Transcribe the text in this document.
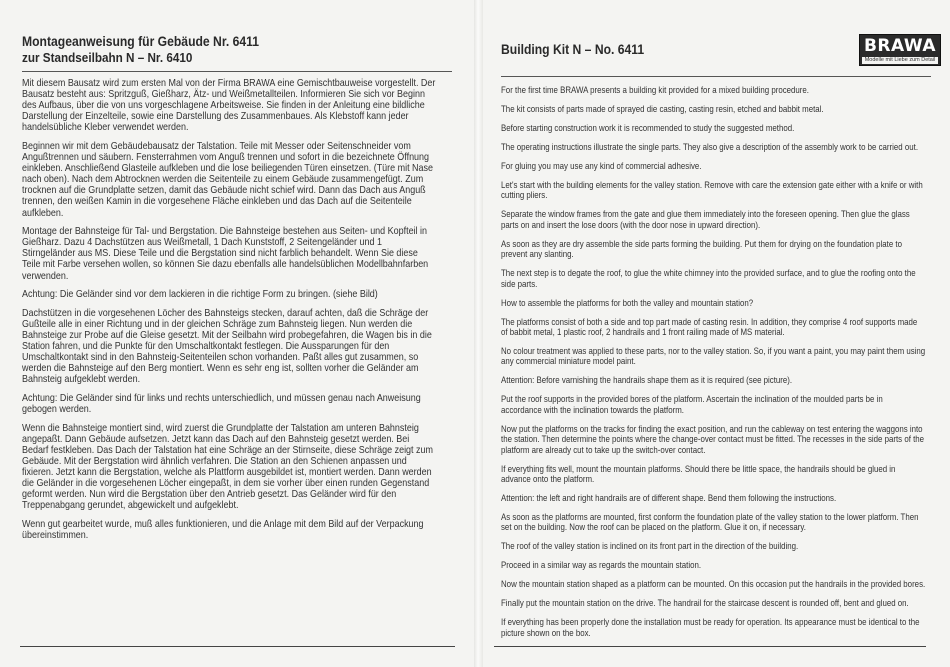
Montageanweisung für Gebäude Nr. 6411
zur Standseilbahn N – Nr. 6410

Mit diesem Bausatz wird zum ersten Mal von der Firma BRAWA eine Gemischtbauweise vorgestellt. Der Bausatz besteht aus: Spritzguß, Gießharz, Ätz- und Weißmetallteilen. Informieren Sie sich vor Beginn des Aufbaus, über die von uns vorgeschlagene Arbeitsweise. Sie finden in der Anleitung eine bildliche Darstellung der Einzelteile, sowie eine Darstellung des Zusammenbaues. Als Klebstoff kann jeder handelsübliche Kleber verwendet werden.

Beginnen wir mit dem Gebäudebausatz der Talstation. Teile mit Messer oder Seitenschneider vom Angußtrennen und säubern. Fensterrahmen vom Anguß trennen und sofort in die bezeichnete Öffnung einkleben. Anschließend Glasteile aufkleben und die lose beiliegenden Türen einsetzen. (Türe mit Nase nach oben). Nach dem Abtrocknen werden die Seitenteile zu einem Gebäude zusammengefügt. Zum trocknen auf die Grundplatte setzen, damit das Gebäude nicht schief wird. Dann das Dach aus Anguß trennen, den weißen Kamin in die vorgesehene Fläche einkleben und das Dach auf die Seitenteile aufkleben.

Montage der Bahnsteige für Tal- und Bergstation. Die Bahnsteige bestehen aus Seiten- und Kopfteil in Gießharz. Dazu 4 Dachstützen aus Weißmetall, 1 Dach Kunststoff, 2 Seitengeländer und 1 Stirngeländer aus MS. Diese Teile und die Bergstation sind nicht farblich behandelt. Wenn Sie diese Teile mit Farbe versehen wollen, so können Sie dazu ebenfalls alle handelsüblichen Modellbahnfarben verwenden.

Achtung: Die Geländer sind vor dem lackieren in die richtige Form zu bringen. (siehe Bild)

Dachstützen in die vorgesehenen Löcher des Bahnsteigs stecken, darauf achten, daß die Schräge der Gußteile alle in einer Richtung und in der gleichen Schräge zum Bahnsteig liegen. Nun werden die Bahnsteige zur Probe auf die Gleise gesetzt. Mit der Seilbahn wird probegefahren, die Wagen bis in die Station fahren, und die Punkte für den Umschaltkontakt festlegen. Die Aussparungen für den Umschaltkontakt sind in den Bahnsteig-Seitenteilen schon vorhanden. Paßt alles gut zusammen, so werden die Bahnsteige auf den Berg montiert. Wenn es sehr eng ist, sollten vorher die Geländer am Bahnsteig aufgeklebt werden.

Achtung: Die Geländer sind für links und rechts unterschiedlich, und müssen genau nach Anweisung gebogen werden.

Wenn die Bahnsteige montiert sind, wird zuerst die Grundplatte der Talstation am unteren Bahnsteig angepaßt. Dann Gebäude aufsetzen. Jetzt kann das Dach auf den Bahnsteig gesetzt werden. Bei Bedarf festkleben. Das Dach der Talstation hat eine Schräge an der Stirnseite, diese Schräge zeigt zum Gebäude. Mit der Bergstation wird ähnlich verfahren. Die Station an den Schienen anpassen und fixieren. Jetzt kann die Bergstation, welche als Plattform ausgebildet ist, montiert werden. Dann werden die Geländer in die vorgesehenen Löcher eingepaßt, in dem sie vorher über einen runden Gegenstand geformt werden. Nun wird die Bergstation über den Antrieb gesetzt. Das Geländer wird für den Treppenabgang gerundet, abgewickelt und aufgeklebt.

Wenn gut gearbeitet wurde, muß alles funktionieren, und die Anlage mit dem Bild auf der Verpackung übereinstimmen.

Building Kit N – No. 6411	BRAWA
Modelle mit Liebe zum Detail

For the first time BRAWA presents a building kit provided for a mixed building procedure.

The kit consists of parts made of sprayed die casting, casting resin, etched and babbit metal.

Before starting construction work it is recommended to study the suggested method.

The operating instructions illustrate the single parts. They also give a description of the assembly work to be carried out.

For gluing you may use any kind of commercial adhesive.

Let's start with the building elements for the valley station. Remove with care the extension gate either with a knife or with cutting pliers.

Separate the window frames from the gate and glue them immediately into the foreseen opening. Then glue the glass parts on and insert the lose doors (with the door nose in upward direction).

As soon as they are dry assemble the side parts forming the building. Put them for drying on the foundation plate to prevent any slanting.

The next step is to degate the roof, to glue the white chimney into the provided surface, and to glue the roofing onto the side parts.

How to assemble the platforms for both the valley and mountain station?

The platforms consist of both a side and top part made of casting resin. In addition, they comprise 4 roof supports made of babbit metal, 1 plastic roof, 2 handrails and 1 front railing made of MS material.

No colour treatment was applied to these parts, nor to the valley station. So, if you want a paint, you may paint them using any commercial miniature model paint.

Attention: Before varnishing the handrails shape them as it is required (see picture).

Put the roof supports in the provided bores of the platform. Ascertain the inclination of the moulded parts be in accordance with the inclination towards the platform.

Now put the platforms on the tracks for finding the exact position, and run the cableway on test entering the waggons into the station. Then determine the points where the change-over contact must be fitted. The recesses in the side parts of the platform are already cut to take up the switch-over contact.

If everything fits well, mount the mountain platforms. Should there be little space, the handrails should be glued in advance onto the platform.

Attention: the left and right handrails are of different shape. Bend them following the instructions.

As soon as the platforms are mounted, first conform the foundation plate of the valley station to the lower platform. Then set on the building. Now the roof can be placed on the platform. Glue it on, if necessary.

The roof of the valley station is inclined on its front part in the direction of the building.

Proceed in a similar way as regards the mountain station.

Now the mountain station shaped as a platform can be mounted. On this occasion put the handrails in the provided bores.

Finally put the mountain station on the drive. The handrail for the staircase descent is rounded off, bent and glued on.

If everything has been properly done the installation must be ready for operation. Its appearance must be identical to the picture shown on the box.
